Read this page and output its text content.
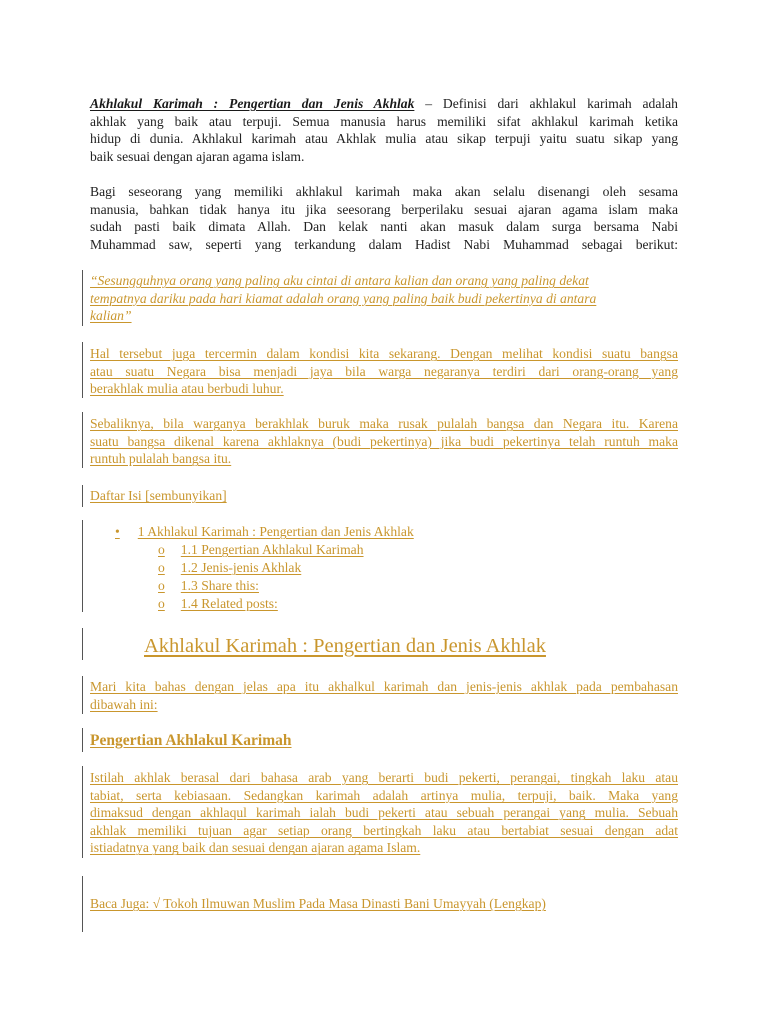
Akhlakul Karimah : Pengertian dan Jenis Akhlak – Definisi dari akhlakul karimah adalah
akhlak yang baik atau terpuji. Semua manusia harus memiliki sifat akhlakul karimah ketika
hidup di dunia. Akhlakul karimah atau Akhlak mulia atau sikap terpuji yaitu suatu sikap yang
baik sesuai dengan ajaran agama islam.
Bagi seseorang yang memiliki akhlakul karimah maka akan selalu disenangi oleh sesama
manusia, bahkan tidak hanya itu jika seesorang berperilaku sesuai ajaran agama islam maka
sudah pasti baik dimata Allah. Dan kelak nanti akan masuk dalam surga bersama Nabi
Muhammad saw, seperti yang terkandung dalam Hadist Nabi Muhammad sebagai berikut:
“Sesungguhnya orang yang paling aku cintai di antara kalian dan orang yang paling dekat
tempatnya dariku pada hari kiamat adalah orang yang paling baik budi pekertinya di antara
kalian”
Hal tersebut juga tercermin dalam kondisi kita sekarang. Dengan melihat kondisi suatu bangsa
atau suatu Negara bisa menjadi jaya bila warga negaranya terdiri dari orang-orang yang
berakhlak mulia atau berbudi luhur.
Sebaliknya, bila warganya berakhlak buruk maka rusak pulalah bangsa dan Negara itu. Karena
suatu bangsa dikenal karena akhlaknya (budi pekertinya) jika budi pekertinya telah runtuh maka
runtuh pulalah bangsa itu.
Daftar Isi [sembunyikan]
• 1 Akhlakul Karimah : Pengertian dan Jenis Akhlak
o 1.1 Pengertian Akhlakul Karimah
o 1.2 Jenis-jenis Akhlak
o 1.3 Share this:
o 1.4 Related posts:
Akhlakul Karimah : Pengertian dan Jenis Akhlak
Mari kita bahas dengan jelas apa itu akhalkul karimah dan jenis-jenis akhlak pada pembahasan
dibawah ini:
Pengertian Akhlakul Karimah
Istilah akhlak berasal dari bahasa arab yang berarti budi pekerti, perangai, tingkah laku atau
tabiat, serta kebiasaan. Sedangkan karimah adalah artinya mulia, terpuji, baik. Maka yang
dimaksud dengan akhlaqul karimah ialah budi pekerti atau sebuah perangai yang mulia. Sebuah
akhlak memiliki tujuan agar setiap orang bertingkah laku atau bertabiat sesuai dengan adat
istiadatnya yang baik dan sesuai dengan ajaran agama Islam.
Baca Juga: √ Tokoh Ilmuwan Muslim Pada Masa Dinasti Bani Umayyah (Lengkap)
